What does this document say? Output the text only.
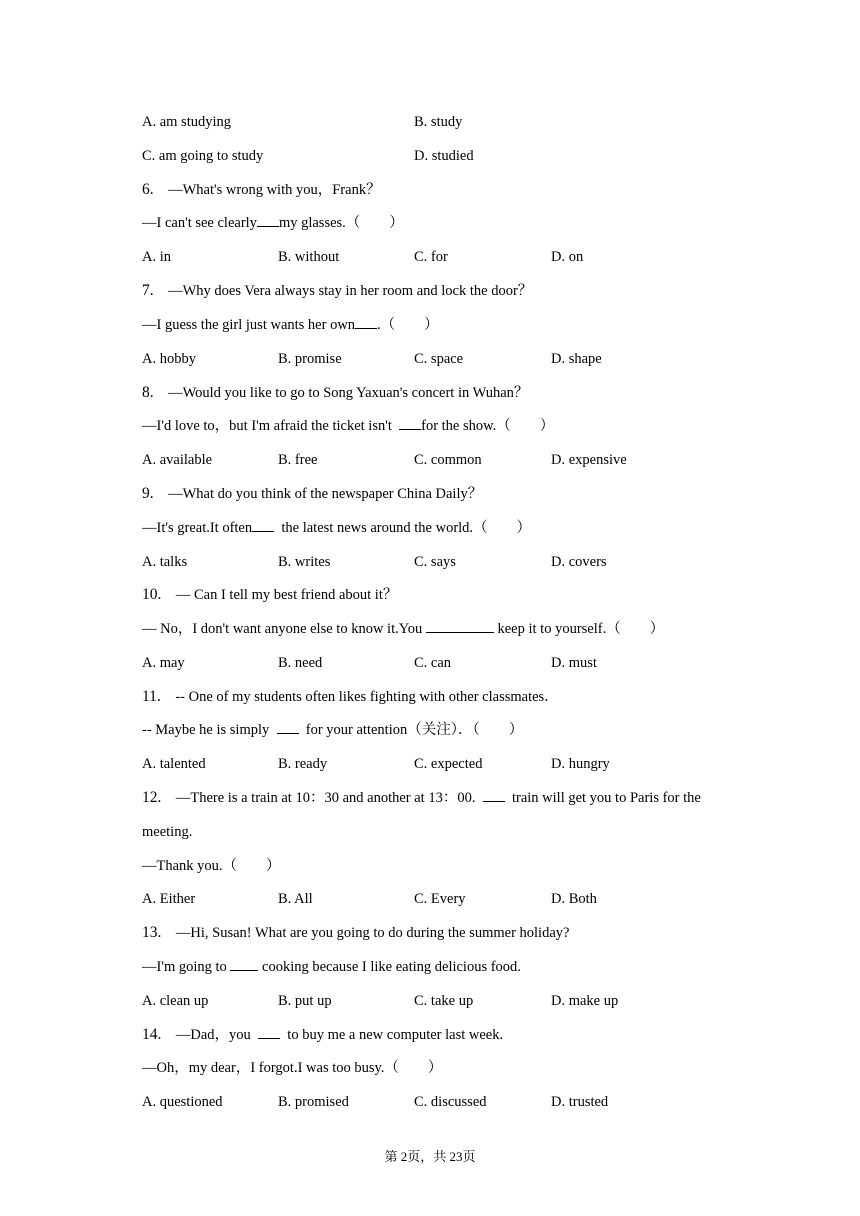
A. am studying	B. study
C. am going to study	D. studied
6. —What's wrong with you，Frank？
—I can't see clearly my glasses.（　　）
A. in	B. without	C. for	D. on
7. —Why does Vera always stay in her room and lock the door？
—I guess the girl just wants her own .（　　）
A. hobby	B. promise	C. space	D. shape
8. —Would you like to go to Song Yaxuan's concert in Wuhan？
—I'd love to，but I'm afraid the ticket isn't  for the show.（　　）
A. available	B. free	C. common	D. expensive
9. —What do you think of the newspaper China Daily？
—It's great.It often  the latest news around the world.（　　）
A. talks	B. writes	C. says	D. covers
10. — Can I tell my best friend about it？
— No，I don't want anyone else to know it.You	keep it to yourself.（　　）
A. may	B. need	C. can	D. must
11. -- One of my students often likes fighting with other classmates．
-- Maybe he is simply    for your attention（关注）．（　　）
A. talented	B. ready	C. expected	D. hungry
12. —There is a train at 10：30 and another at 13：00.    train will get you to Paris for the
meeting.
—Thank you.（　　）
A. Either	B. All	C. Every	D. Both
13. —Hi, Susan! What are you going to do during the summer holiday?
—I'm going to  cooking because I like eating delicious food.
A. clean up	B. put up	C. take up	D. make up
14. —Dad，you    to buy me a new computer last week.
—Oh，my dear，I forgot.I was too busy.（　　）
A. questioned	B. promised	C. discussed	D. trusted
第 2页，共 23页
